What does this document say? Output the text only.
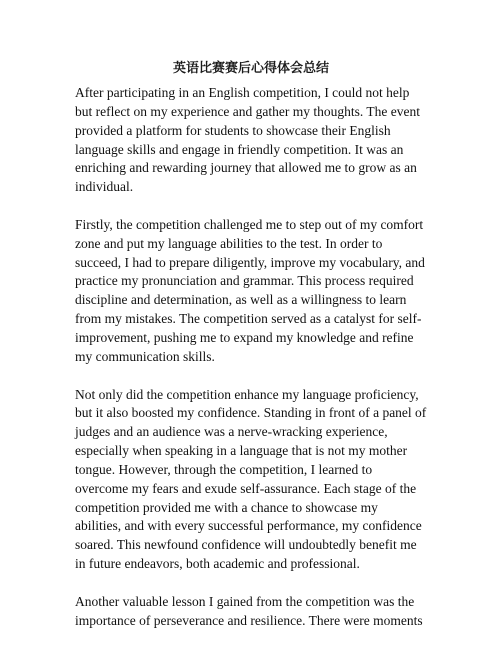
英语比赛赛后心得体会总结

After participating in an English competition, I could not help but reflect on my experience and gather my thoughts. The event provided a platform for students to showcase their English language skills and engage in friendly competition. It was an enriching and rewarding journey that allowed me to grow as an individual.

Firstly, the competition challenged me to step out of my comfort zone and put my language abilities to the test. In order to succeed, I had to prepare diligently, improve my vocabulary, and practice my pronunciation and grammar. This process required discipline and determination, as well as a willingness to learn from my mistakes. The competition served as a catalyst for self-improvement, pushing me to expand my knowledge and refine my communication skills.

Not only did the competition enhance my language proficiency, but it also boosted my confidence. Standing in front of a panel of judges and an audience was a nerve-wracking experience, especially when speaking in a language that is not my mother tongue. However, through the competition, I learned to overcome my fears and exude self-assurance. Each stage of the competition provided me with a chance to showcase my abilities, and with every successful performance, my confidence soared. This newfound confidence will undoubtedly benefit me in future endeavors, both academic and professional.

Another valuable lesson I gained from the competition was the importance of perseverance and resilience. There were moments
